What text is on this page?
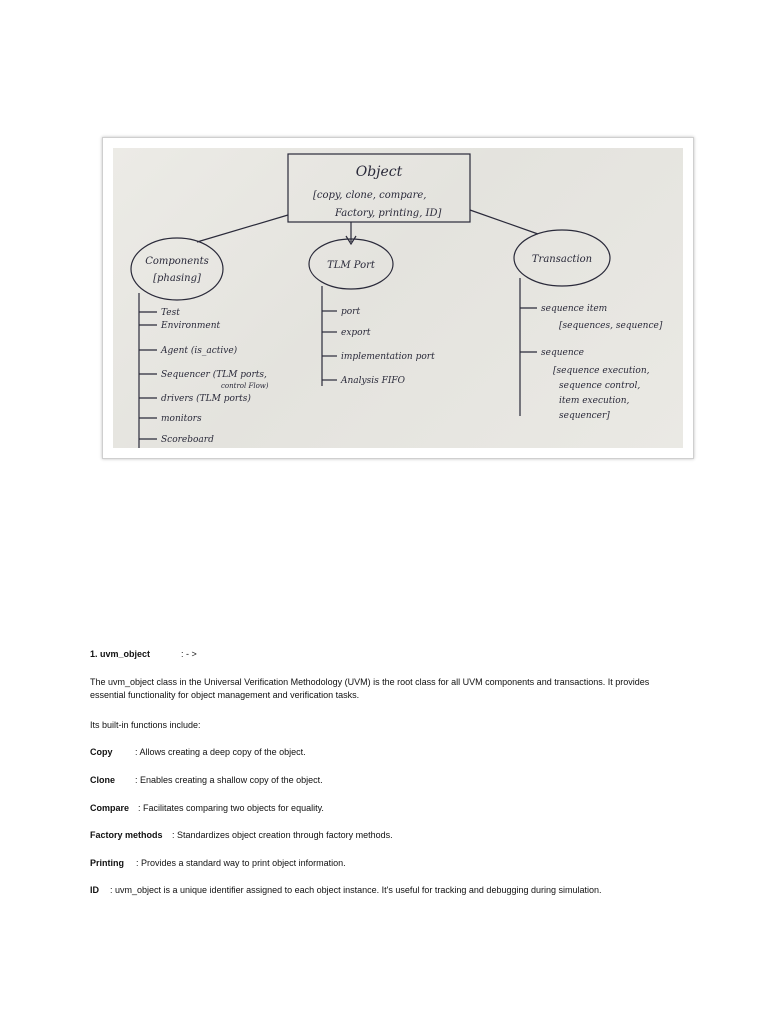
Object
[copy, clone, compare,
Factory, printing, ID]
Components
[phasing]
Test
Environment
Agent (is_active)
Sequencer (TLM ports,
control Flow)
drivers (TLM ports)
monitors
Scoreboard
TLM Port
port
export
implementation port
Analysis FIFO
Transaction
sequence item
[sequences, sequence]
sequence
[sequence execution,
sequence control,
item execution,
sequencer]

1. uvm_object	: - >

The uvm_object class in the Universal Verification Methodology (UVM) is the root class for all UVM components and transactions. It provides essential functionality for object management and verification tasks.

Its built-in functions include:

Copy	: Allows creating a deep copy of the object.

Clone : Enables creating a shallow copy of the object.

Compare : Facilitates comparing two objects for equality.

Factory methods : Standardizes object creation through factory methods.

Printing : Provides a standard way to print object information.

ID : uvm_object is a unique identifier assigned to each object instance. It's useful for tracking and debugging during simulation.
